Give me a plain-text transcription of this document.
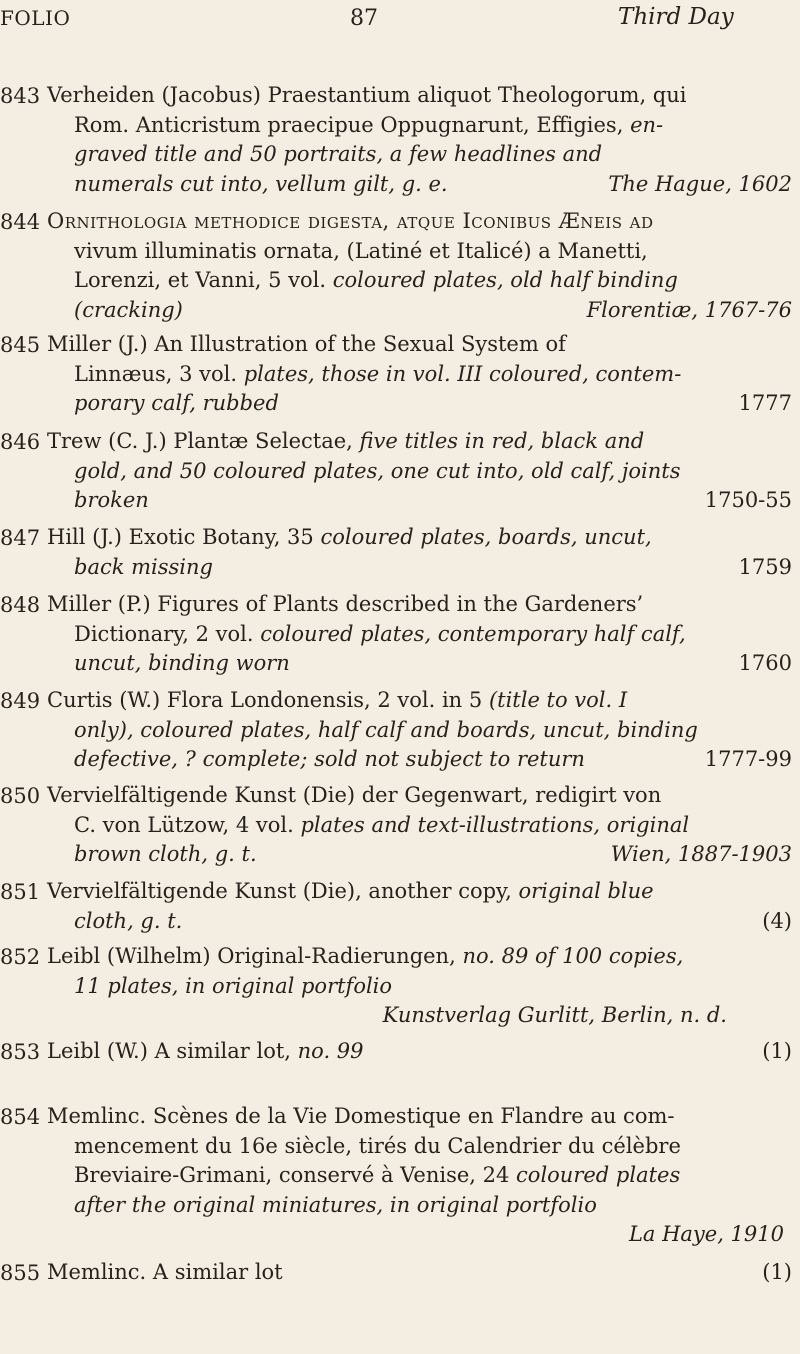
FOLIO	87	Third Day
843 Verheiden (Jacobus) Praestantium aliquot Theologorum, qui
Rom. Anticristum praecipue Oppugnarunt, Effigies, en-
graved title and 50 portraits, a few headlines and
numerals cut into, vellum gilt, g. e.	The Hague, 1602
844 Ornithologia methodice digesta, atque Iconibus Æneis ad
vivum illuminatis ornata, (Latiné et Italicé) a Manetti,
Lorenzi, et Vanni, 5 vol. coloured plates, old half binding
(cracking)	Florentiæ, 1767-76
845 Miller (J.) An Illustration of the Sexual System of
Linnæus, 3 vol. plates, those in vol. III coloured, contem-
porary calf, rubbed	1777
846 Trew (C. J.) Plantæ Selectae, five titles in red, black and
gold, and 50 coloured plates, one cut into, old calf, joints
broken	1750-55
847 Hill (J.) Exotic Botany, 35 coloured plates, boards, uncut,
back missing	1759
848 Miller (P.) Figures of Plants described in the Gardeners’
Dictionary, 2 vol. coloured plates, contemporary half calf,
uncut, binding worn	1760
849 Curtis (W.) Flora Londonensis, 2 vol. in 5 (title to vol. I
only), coloured plates, half calf and boards, uncut, binding
defective, ? complete; sold not subject to return	1777-99
850 Vervielfältigende Kunst (Die) der Gegenwart, redigirt von
C. von Lützow, 4 vol. plates and text-illustrations, original
brown cloth, g. t.	Wien, 1887-1903
851 Vervielfältigende Kunst (Die), another copy, original blue
cloth, g. t.	(4)
852 Leibl (Wilhelm) Original-Radierungen, no. 89 of 100 copies,
11 plates, in original portfolio
Kunstverlag Gurlitt, Berlin, n. d.
853 Leibl (W.) A similar lot, no. 99	(1)
854 Memlinc. Scènes de la Vie Domestique en Flandre au com-
mencement du 16e siècle, tirés du Calendrier du célèbre
Breviaire-Grimani, conservé à Venise, 24 coloured plates
after the original miniatures, in original portfolio
La Haye, 1910
855 Memlinc. A similar lot	(1)
